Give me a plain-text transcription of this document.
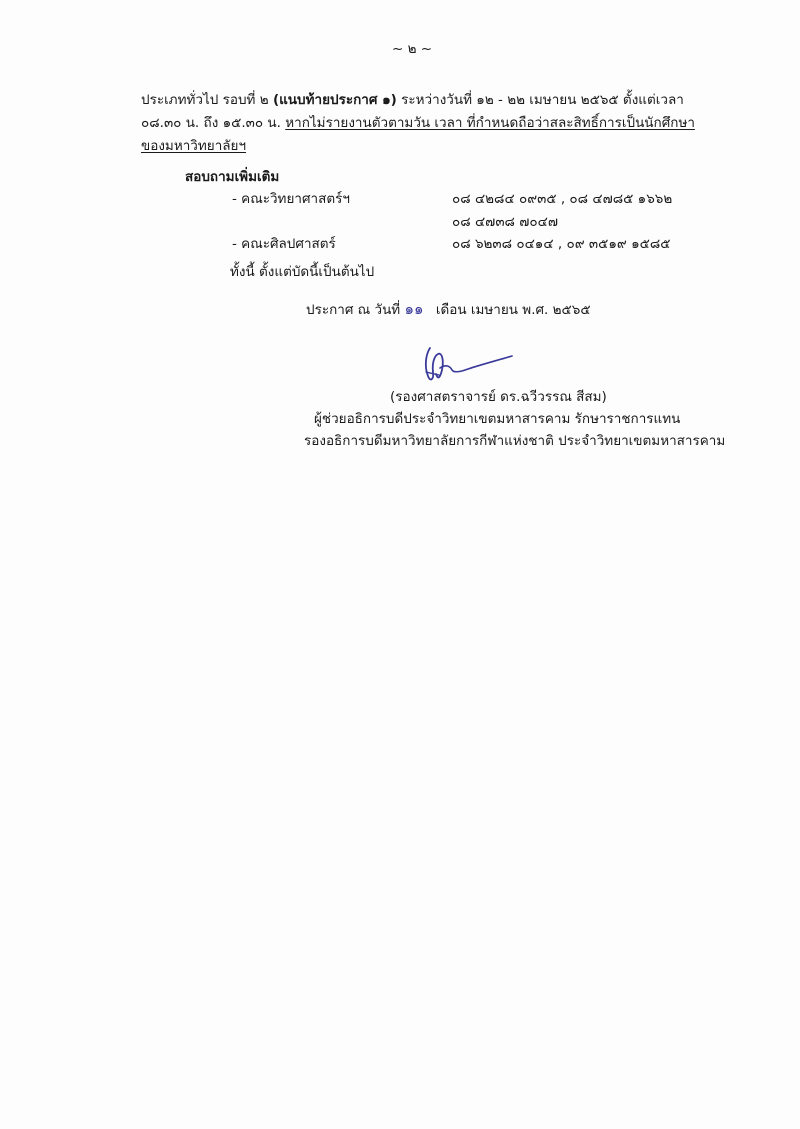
~ ๒ ~
ประเภททั่วไป รอบที่ ๒ (แนบท้ายประกาศ ๑) ระหว่างวันที่ ๑๒ - ๒๒ เมษายน ๒๕๖๕ ตั้งแต่เวลา
๐๘.๓๐ น. ถึง ๑๕.๓๐ น. หากไม่รายงานตัวตามวัน เวลา ที่กำหนดถือว่าสละสิทธิ์การเป็นนักศึกษา
ของมหาวิทยาลัยฯ
สอบถามเพิ่มเติม
- คณะวิทยาศาสตร์ฯ	๐๘ ๔๒๘๔ ๐๙๓๕ , ๐๘ ๔๗๘๕ ๑๖๖๒
๐๘ ๔๗๓๘ ๗๐๔๗
- คณะศิลปศาสตร์	๐๘ ๖๒๓๘ ๐๔๑๔ , ๐๙ ๓๕๑๙ ๑๕๘๕
ทั้งนี้ ตั้งแต่บัดนี้เป็นต้นไป
ประกาศ ณ วันที่ ๑๑ เดือน เมษายน พ.ศ. ๒๕๖๕
(รองศาสตราจารย์ ดร.ฉวีวรรณ สีสม)
ผู้ช่วยอธิการบดีประจำวิทยาเขตมหาสารคาม รักษาราชการแทน
รองอธิการบดีมหาวิทยาลัยการกีฬาแห่งชาติ ประจำวิทยาเขตมหาสารคาม
